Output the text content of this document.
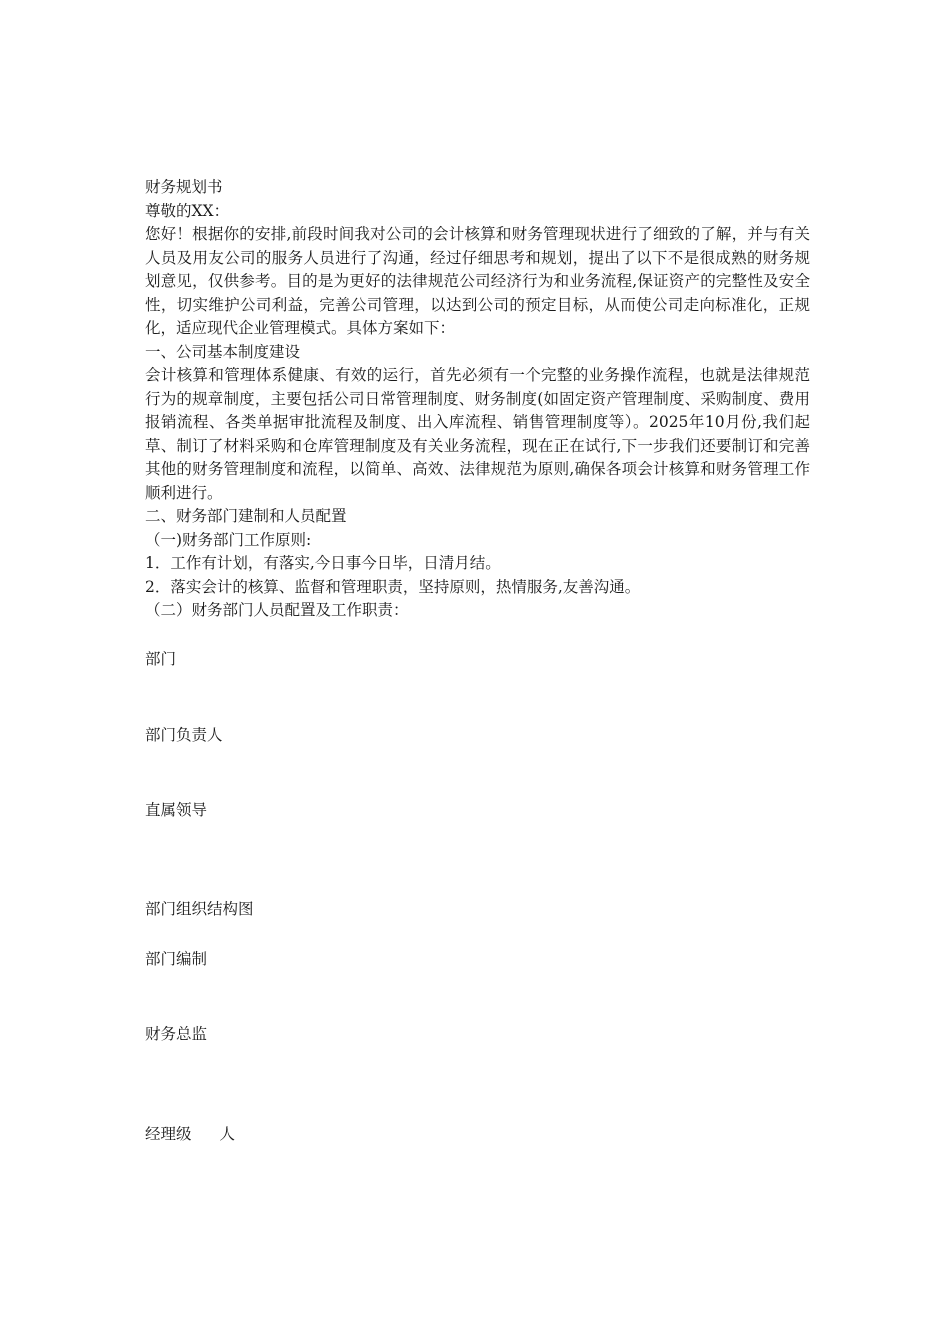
财务规划书

尊敬的XX：

您好！根据你的安排,前段时间我对公司的会计核算和财务管理现状进行了细致的了解，并与有关人员及用友公司的服务人员进行了沟通，经过仔细思考和规划，提出了以下不是很成熟的财务规划意见，仅供参考。目的是为更好的法律规范公司经济行为和业务流程,保证资产的完整性及安全性，切实维护公司利益，完善公司管理，以达到公司的预定目标，从而使公司走向标准化，正规化，适应现代企业管理模式。具体方案如下：

一、公司基本制度建设

会计核算和管理体系健康、有效的运行，首先必须有一个完整的业务操作流程，也就是法律规范行为的规章制度，主要包括公司日常管理制度、财务制度(如固定资产管理制度、采购制度、费用报销流程、各类单据审批流程及制度、出入库流程、销售管理制度等）。2025年10月份,我们起草、制订了材料采购和仓库管理制度及有关业务流程，现在正在试行,下一步我们还要制订和完善其他的财务管理制度和流程，以简单、高效、法律规范为原则,确保各项会计核算和财务管理工作顺利进行。

二、财务部门建制和人员配置

（一)财务部门工作原则:

1．工作有计划，有落实,今日事今日毕，日清月结。

2．落实会计的核算、监督和管理职责，坚持原则，热情服务,友善沟通。

（二）财务部门人员配置及工作职责：

部门

部门负责人

直属领导

部门组织结构图

部门编制

财务总监

经理级 人
